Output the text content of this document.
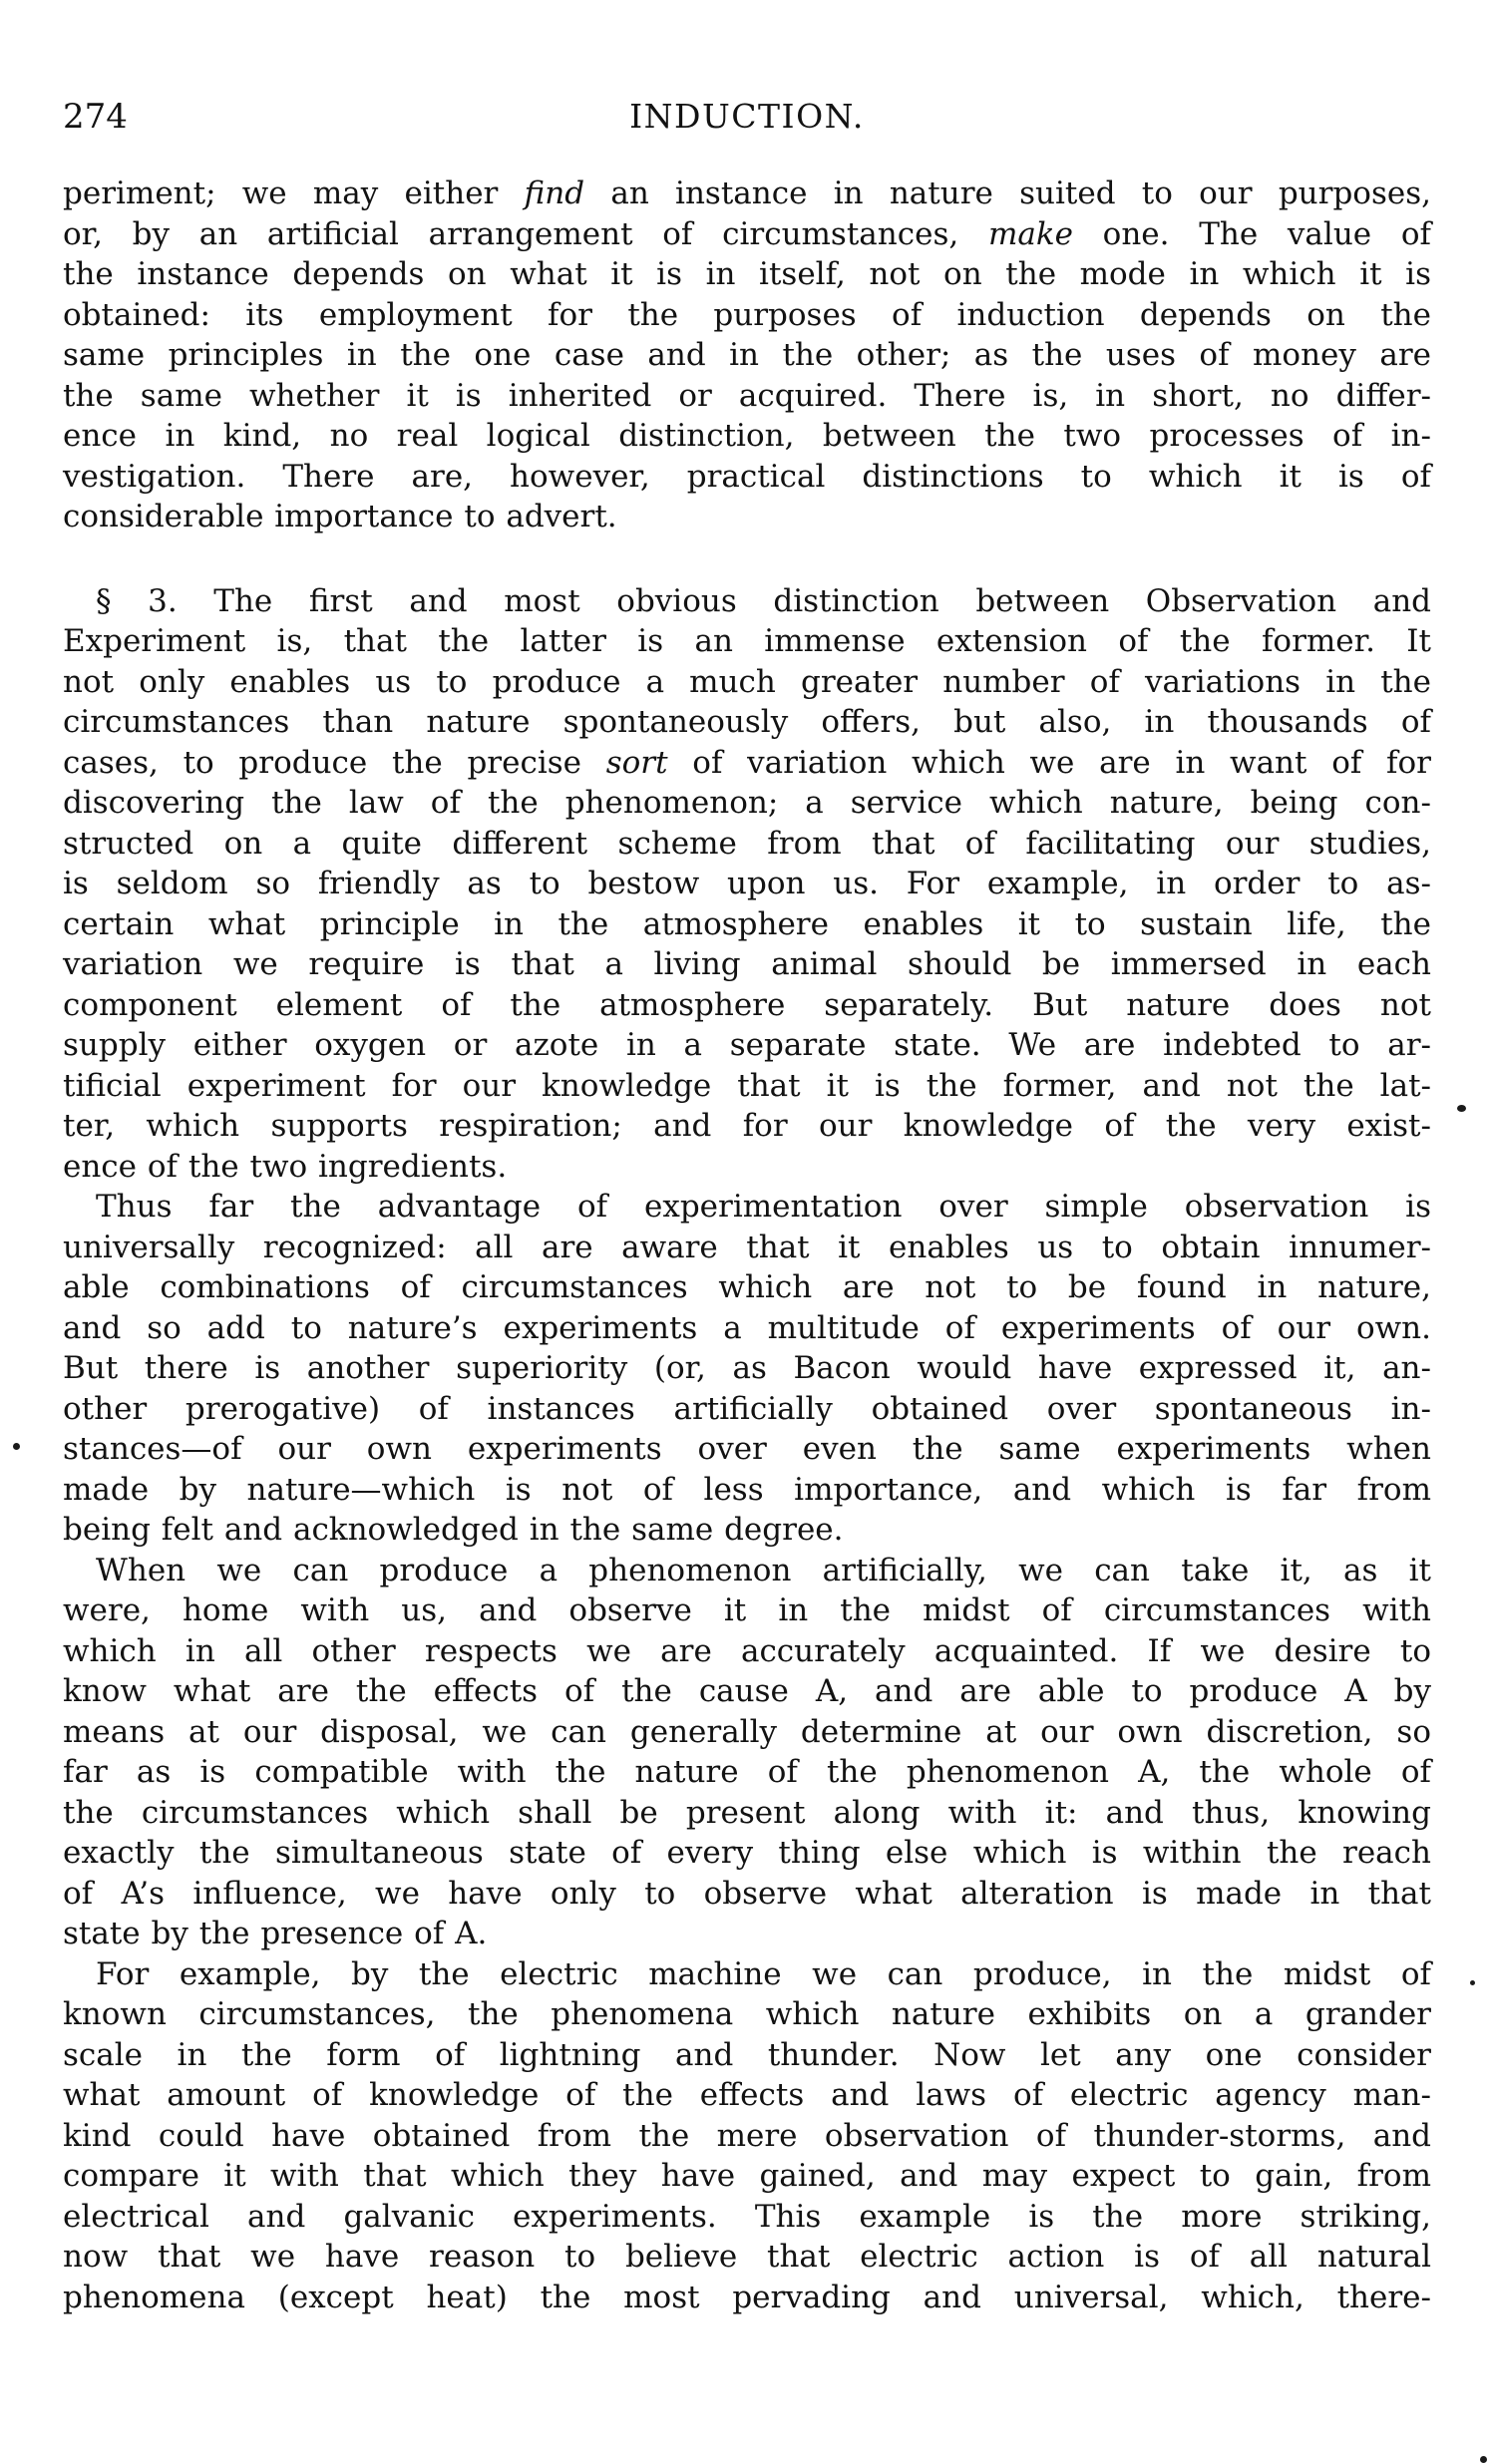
274	INDUCTION.
periment; we may either find an instance in nature suited to our purposes,
or, by an artificial arrangement of circumstances, make one. The value of
the instance depends on what it is in itself, not on the mode in which it is
obtained: its employment for the purposes of induction depends on the
same principles in the one case and in the other; as the uses of money are
the same whether it is inherited or acquired. There is, in short, no differ-
ence in kind, no real logical distinction, between the two processes of in-
vestigation. There are, however, practical distinctions to which it is of
considerable importance to advert.
§ 3. The first and most obvious distinction between Observation and
Experiment is, that the latter is an immense extension of the former. It
not only enables us to produce a much greater number of variations in the
circumstances than nature spontaneously offers, but also, in thousands of
cases, to produce the precise sort of variation which we are in want of for
discovering the law of the phenomenon; a service which nature, being con-
structed on a quite different scheme from that of facilitating our studies,
is seldom so friendly as to bestow upon us. For example, in order to as-
certain what principle in the atmosphere enables it to sustain life, the
variation we require is that a living animal should be immersed in each
component element of the atmosphere separately. But nature does not
supply either oxygen or azote in a separate state. We are indebted to ar-
tificial experiment for our knowledge that it is the former, and not the lat-
ter, which supports respiration; and for our knowledge of the very exist-
ence of the two ingredients.
Thus far the advantage of experimentation over simple observation is
universally recognized: all are aware that it enables us to obtain innumer-
able combinations of circumstances which are not to be found in nature,
and so add to nature’s experiments a multitude of experiments of our own.
But there is another superiority (or, as Bacon would have expressed it, an-
other prerogative) of instances artificially obtained over spontaneous in-
stances—of our own experiments over even the same experiments when
made by nature—which is not of less importance, and which is far from
being felt and acknowledged in the same degree.
When we can produce a phenomenon artificially, we can take it, as it
were, home with us, and observe it in the midst of circumstances with
which in all other respects we are accurately acquainted. If we desire to
know what are the effects of the cause A, and are able to produce A by
means at our disposal, we can generally determine at our own discretion, so
far as is compatible with the nature of the phenomenon A, the whole of
the circumstances which shall be present along with it: and thus, knowing
exactly the simultaneous state of every thing else which is within the reach
of A’s influence, we have only to observe what alteration is made in that
state by the presence of A.
For example, by the electric machine we can produce, in the midst of
known circumstances, the phenomena which nature exhibits on a grander
scale in the form of lightning and thunder. Now let any one consider
what amount of knowledge of the effects and laws of electric agency man-
kind could have obtained from the mere observation of thunder-storms, and
compare it with that which they have gained, and may expect to gain, from
electrical and galvanic experiments. This example is the more striking,
now that we have reason to believe that electric action is of all natural
phenomena (except heat) the most pervading and universal, which, there-
